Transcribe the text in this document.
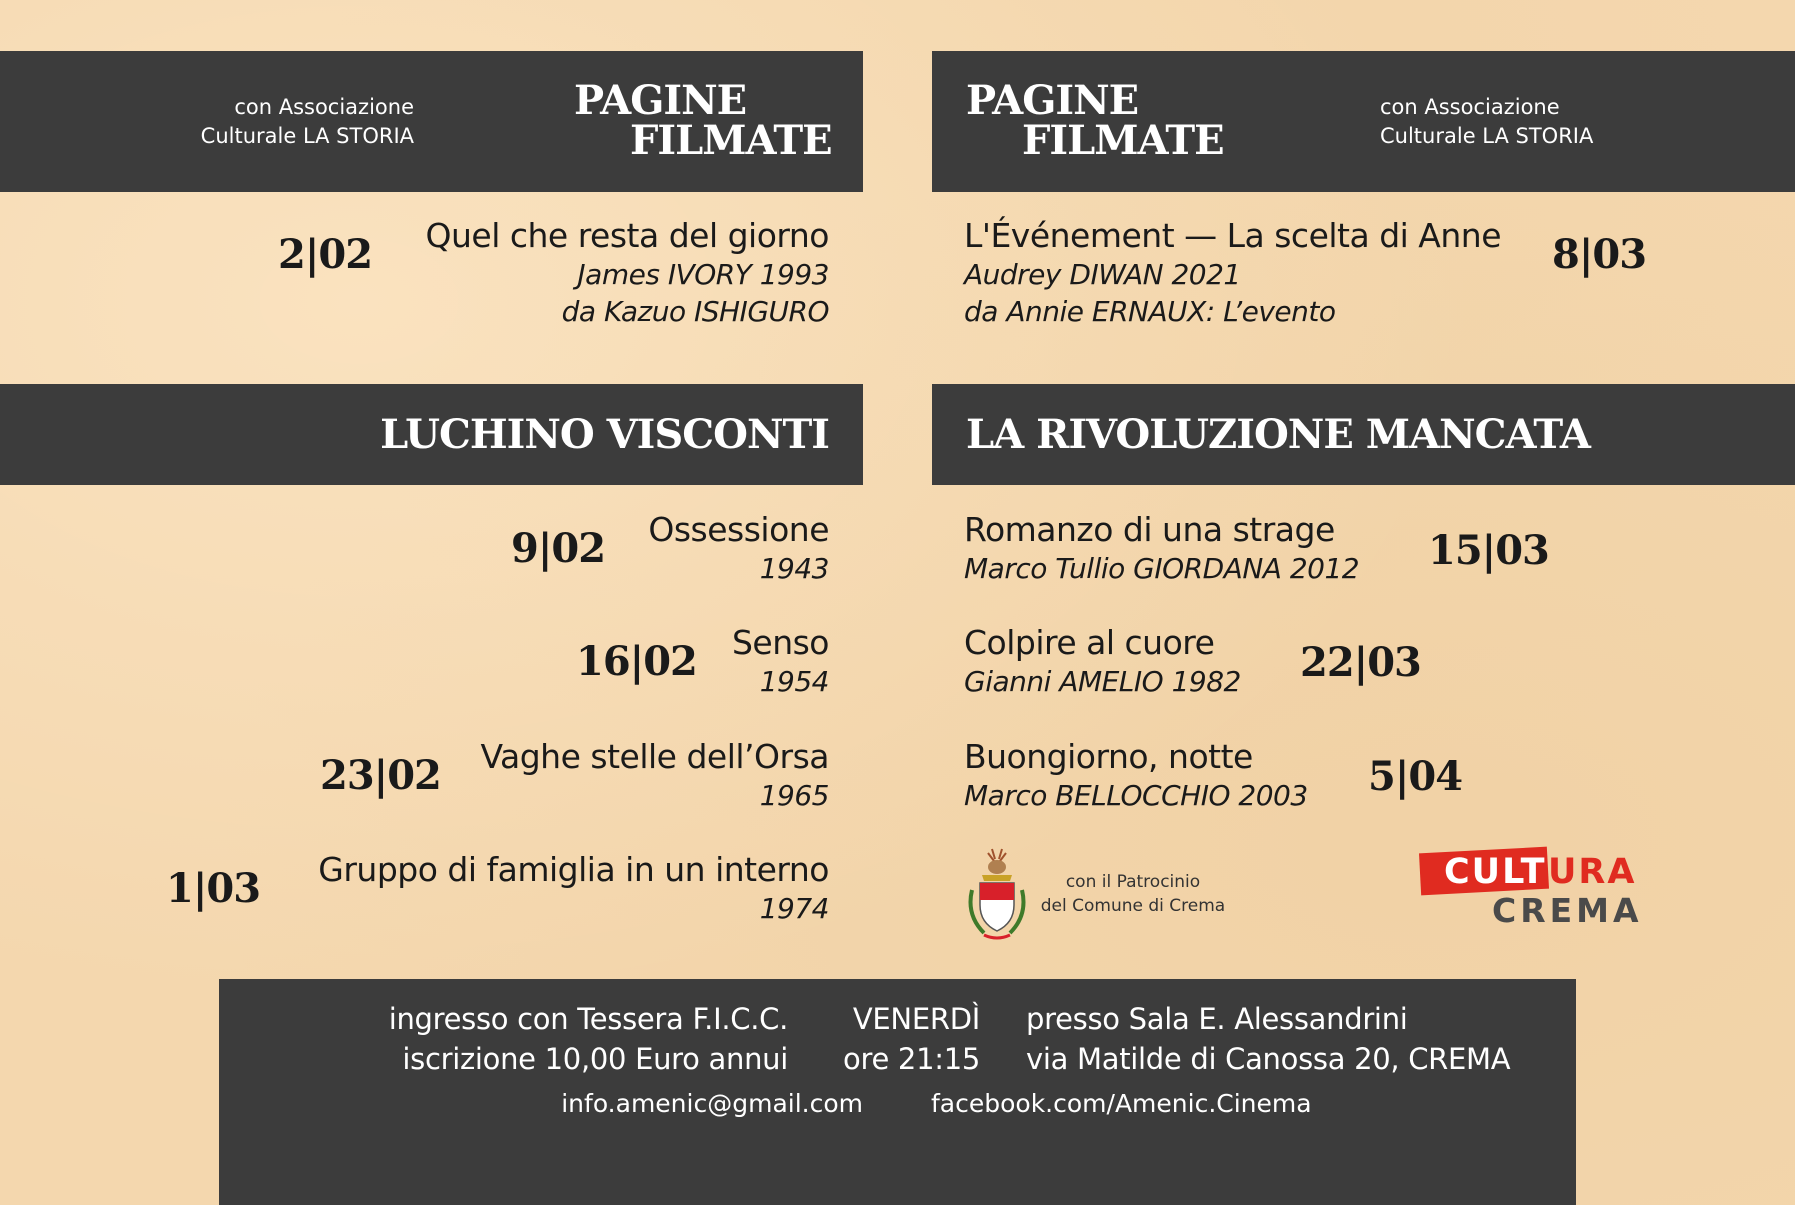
con Associazione
Culturale LA STORIA
PAGINE
FILMATE
PAGINE
FILMATE
con Associazione
Culturale LA STORIA
2|02	Quel che resta del giorno
James IVORY 1993
da Kazuo ISHIGURO
L'Événement — La scelta di Anne
Audrey DIWAN 2021
da Annie ERNAUX: L’evento
8|03
LUCHINO VISCONTI	LA RIVOLUZIONE MANCATA
9|02	Ossessione
1943
16|02	Senso
1954
23|02	Vaghe stelle dell’Orsa
1965
1|03	Gruppo di famiglia in un interno
1974
Romanzo di una strage
Marco Tullio GIORDANA 2012	15|03
Colpire al cuore
Gianni AMELIO 1982	22|03
Buongiorno, notte
Marco BELLOCCHIO 2003	5|04
con il Patrocinio
del Comune di Crema
CULT URA
CREMA
ingresso con Tessera F.I.C.C.
iscrizione 10,00 Euro annui
VENERDÌ
ore 21:15
presso Sala E. Alessandrini
via Matilde di Canossa 20, CREMA
info.amenic@gmail.com	facebook.com/Amenic.Cinema
